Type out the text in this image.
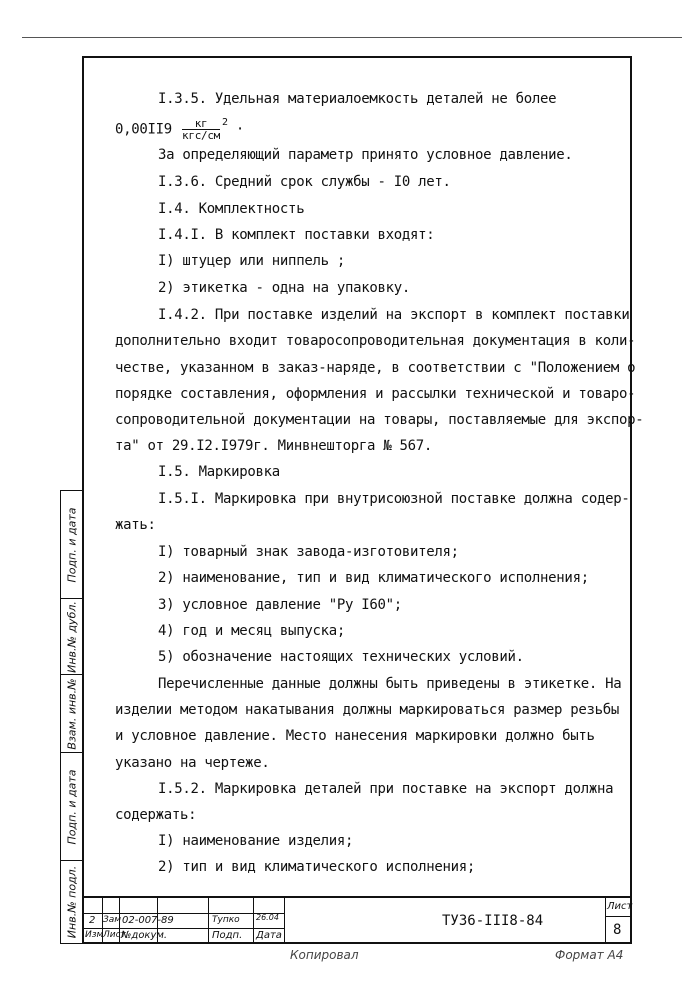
I.3.5. Удельная материалоемкость деталей не более
$0,00II9 \frac{кг}{\text{кгс/см}} ^2$ ·
За определяющий параметр принято условное давление.
I.3.6. Средний срок службы - I0 лет.
I.4. Комплектность
I.4.I. В комплект поставки входят:
I) штуцер или ниппель ;
2) этикетка - одна на упаковку.
I.4.2. При поставке изделий на экспорт в комплект поставки
дополнительно входит товаросопроводительная документация в коли-
честве, указанном в заказ-наряде, в соответствии с "Положением о
порядке составления, оформления и рассылки технической и товаро-
сопроводительной документации на товары, поставляемые для экспор-
та" от 29.I2.I979г. Минвнешторга № 567.
I.5. Маркировка
I.5.I. Маркировка при внутрисоюзной поставке должна содер-
жать:
I) товарный знак завода-изготовителя;
2) наименование, тип и вид климатического исполнения;
3) условное давление "Ру I60";
4) год и месяц выпуска;
5) обозначение настоящих технических условий.
Перечисленные данные должны быть приведены в этикетке. На
изделии методом накатывания должны маркироваться размер резьбы
и условное давление. Место нанесения маркировки должно быть
указано на чертеже.
I.5.2. Маркировка деталей при поставке на экспорт должна
содержать:
I) наименование изделия;
2) тип и вид климатического исполнения;
Подп. и дата
Инв.№ дубл.
Взам. инв.№
Подп. и дата
Инв.№ подл. 2 Зам 02-007-89	Тупко 26.04
Изм Лист
№докум.	Подп. Дата
ТУ36-III8-84
Лист
8
Копировал	Формат А4
